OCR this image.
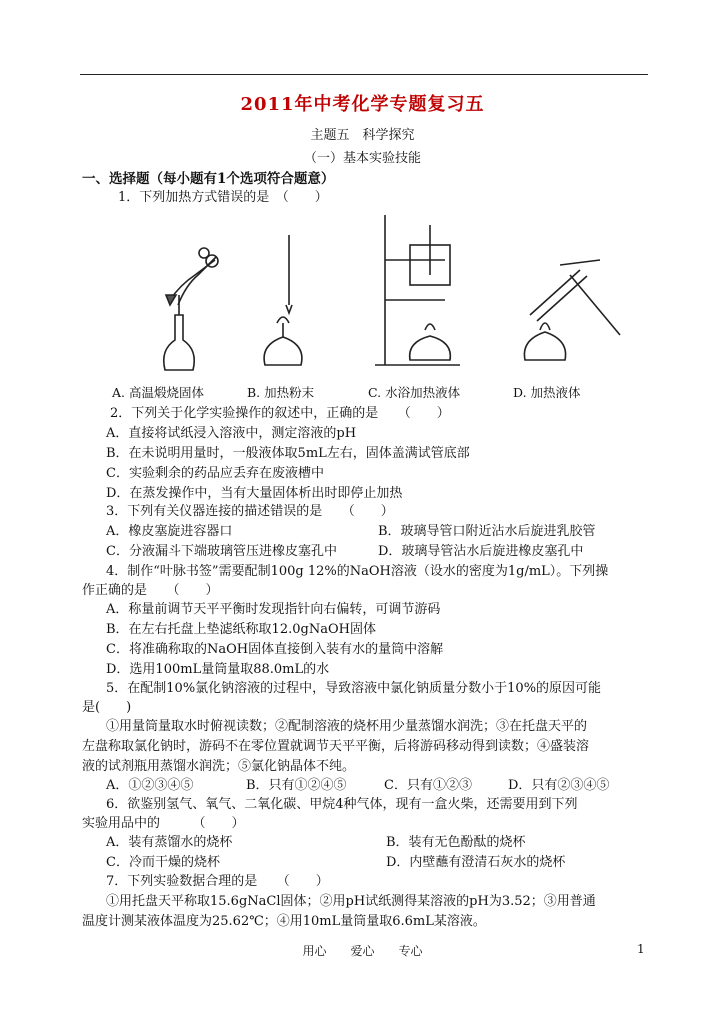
2011年中考化学专题复习五
主题五　科学探究
（一）基本实验技能
一、选择题（每小题有1个选项符合题意）
1．下列加热方式错误的是　（　　）
A. 高温煅烧固体	B. 加热粉末	C. 水浴加热液体	D. 加热液体
2．下列关于化学实验操作的叙述中，正确的是　　（　　）
A．直接将试纸浸入溶液中，测定溶液的pH
B．在未说明用量时，一般液体取5mL左右，固体盖满试管底部
C．实验剩余的药品应丢弃在废液槽中
D．在蒸发操作中，当有大量固体析出时即停止加热
3．下列有关仪器连接的描述错误的是　　（　　）
A．橡皮塞旋进容器口	B．玻璃导管口附近沾水后旋进乳胶管
C．分液漏斗下端玻璃管压进橡皮塞孔中	D．玻璃导管沾水后旋进橡皮塞孔中
4．制作“叶脉书签”需要配制100g 12%的NaOH溶液（设水的密度为1g/mL）。下列操
作正确的是　　（　　）
A．称量前调节天平平衡时发现指针向右偏转，可调节游码
B．在左右托盘上垫滤纸称取12.0gNaOH固体
C．将准确称取的NaOH固体直接倒入装有水的量筒中溶解
D．选用100mL量筒量取88.0mL的水
5．在配制10%氯化钠溶液的过程中，导致溶液中氯化钠质量分数小于10%的原因可能
是(　　)
①用量筒量取水时俯视读数；②配制溶液的烧杯用少量蒸馏水润洗；③在托盘天平的
左盘称取氯化钠时，游码不在零位置就调节天平平衡，后将游码移动得到读数；④盛装溶
液的试剂瓶用蒸馏水润洗；⑤氯化钠晶体不纯。
A．①②③④⑤	B．只有①②④⑤	C．只有①②③	D．只有②③④⑤
6．欲鉴别氢气、氧气、二氧化碳、甲烷4种气体，现有一盒火柴，还需要用到下列
实验用品中的　　　（　　）
A．装有蒸馏水的烧杯	B．装有无色酚酞的烧杯
C．冷而干燥的烧杯	D．内壁蘸有澄清石灰水的烧杯
7．下列实验数据合理的是　　（　　）
①用托盘天平称取15.6gNaCl固体；②用pH试纸测得某溶液的pH为3.52；③用普通
温度计测某液体温度为25.62℃；④用10mL量筒量取6.6mL某溶液。
用心　　爱心　　专心	1
